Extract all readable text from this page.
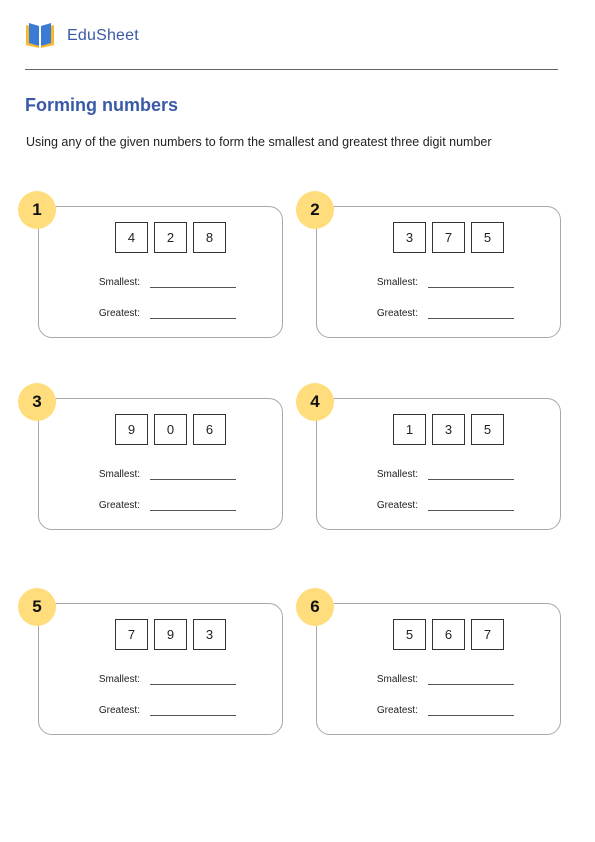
EduSheet
Forming numbers
Using any of the given numbers to form the smallest and greatest three digit number
4	2	8
Smallest:
Greatest:
1
3	7	5
Smallest:
Greatest:
2
9	0	6
Smallest:
Greatest:
3
1	3	5
Smallest:
Greatest:
4
7	9	3
Smallest:
Greatest:
5
5	6	7
Smallest:
Greatest:
6
